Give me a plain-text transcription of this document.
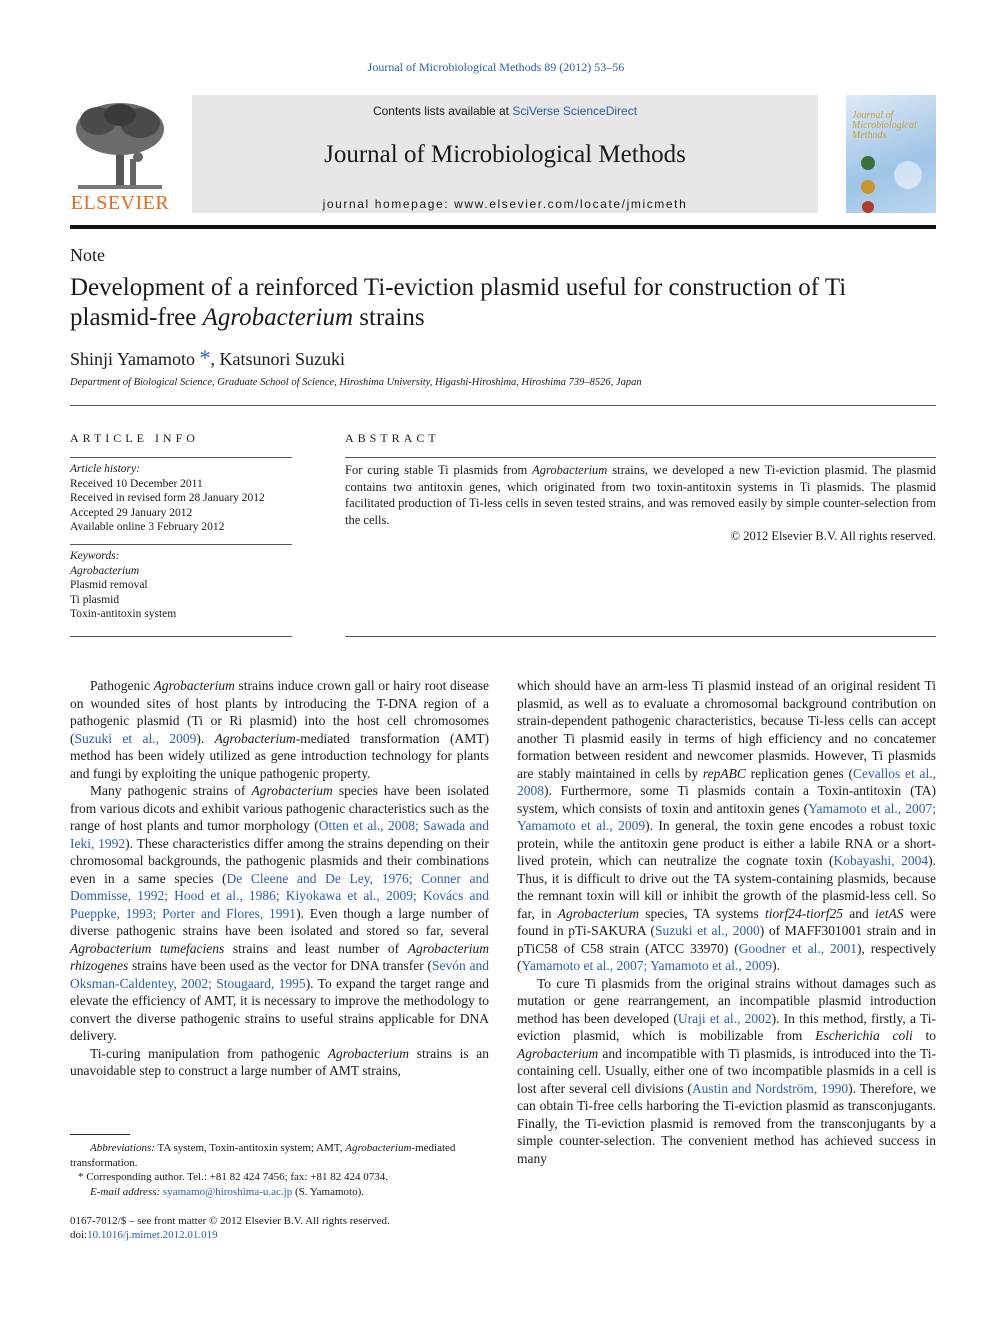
Journal of Microbiological Methods 89 (2012) 53–56
ELSEVIER
Contents lists available at SciVerse ScienceDirect
Journal of Microbiological Methods
journal homepage: www.elsevier.com/locate/jmicmeth
Journal of Microbiological Methods
Note
Development of a reinforced Ti-eviction plasmid useful for construction of Ti
plasmid-free Agrobacterium strains
Shinji Yamamoto *, Katsunori Suzuki
Department of Biological Science, Graduate School of Science, Hiroshima University, Higashi-Hiroshima, Hiroshima 739–8526, Japan
ARTICLE INFO
Article history:
Received 10 December 2011
Received in revised form 28 January 2012
Accepted 29 January 2012
Available online 3 February 2012
Keywords:
Agrobacterium
Plasmid removal
Ti plasmid
Toxin-antitoxin system
ABSTRACT
For curing stable Ti plasmids from Agrobacterium strains, we developed a new Ti-eviction plasmid. The plasmid contains two antitoxin genes, which originated from two toxin-antitoxin systems in Ti plasmids. The plasmid facilitated production of Ti-less cells in seven tested strains, and was removed easily by simple counter-selection from the cells.
© 2012 Elsevier B.V. All rights reserved.

Pathogenic Agrobacterium strains induce crown gall or hairy root disease on wounded sites of host plants by introducing the T-DNA region of a pathogenic plasmid (Ti or Ri plasmid) into the host cell chromosomes (Suzuki et al., 2009). Agrobacterium-mediated transformation (AMT) method has been widely utilized as gene introduction technology for plants and fungi by exploiting the unique pathogenic property.

Many pathogenic strains of Agrobacterium species have been isolated from various dicots and exhibit various pathogenic characteristics such as the range of host plants and tumor morphology (Otten et al., 2008; Sawada and Ieki, 1992). These characteristics differ among the strains depending on their chromosomal backgrounds, the pathogenic plasmids and their combinations even in a same species (De Cleene and De Ley, 1976; Conner and Dommisse, 1992; Hood et al., 1986; Kiyokawa et al., 2009; Kovács and Pueppke, 1993; Porter and Flores, 1991). Even though a large number of diverse pathogenic strains have been isolated and stored so far, several Agrobacterium tumefaciens strains and least number of Agrobacterium rhizogenes strains have been used as the vector for DNA transfer (Sevón and Oksman-Caldentey, 2002; Stougaard, 1995). To expand the target range and elevate the efficiency of AMT, it is necessary to improve the methodology to convert the diverse pathogenic strains to useful strains applicable for DNA delivery.

Ti-curing manipulation from pathogenic Agrobacterium strains is an unavoidable step to construct a large number of AMT strains,

Abbreviations: TA system, Toxin-antitoxin system; AMT, Agrobacterium-mediated transformation.
* Corresponding author. Tel.: +81 82 424 7456; fax: +81 82 424 0734.
E-mail address: syamamo@hiroshima-u.ac.jp (S. Yamamoto).
0167-7012/$ – see front matter © 2012 Elsevier B.V. All rights reserved.
doi:10.1016/j.mimet.2012.01.019

which should have an arm-less Ti plasmid instead of an original resident Ti plasmid, as well as to evaluate a chromosomal background contribution on strain-dependent pathogenic characteristics, because Ti-less cells can accept another Ti plasmid easily in terms of high efficiency and no concatemer formation between resident and newcomer plasmids. However, Ti plasmids are stably maintained in cells by repABC replication genes (Cevallos et al., 2008). Furthermore, some Ti plasmids contain a Toxin-antitoxin (TA) system, which consists of toxin and antitoxin genes (Yamamoto et al., 2007; Yamamoto et al., 2009). In general, the toxin gene encodes a robust toxic protein, while the antitoxin gene product is either a labile RNA or a short-lived protein, which can neutralize the cognate toxin (Kobayashi, 2004). Thus, it is difficult to drive out the TA system-containing plasmids, because the remnant toxin will kill or inhibit the growth of the plasmid-less cell. So far, in Agrobacterium species, TA systems tiorf24-tiorf25 and ietAS were found in pTi-SAKURA (Suzuki et al., 2000) of MAFF301001 strain and in pTiC58 of C58 strain (ATCC 33970) (Goodner et al., 2001), respectively (Yamamoto et al., 2007; Yamamoto et al., 2009).

To cure Ti plasmids from the original strains without damages such as mutation or gene rearrangement, an incompatible plasmid introduction method has been developed (Uraji et al., 2002). In this method, firstly, a Ti-eviction plasmid, which is mobilizable from Escherichia coli to Agrobacterium and incompatible with Ti plasmids, is introduced into the Ti-containing cell. Usually, either one of two incompatible plasmids in a cell is lost after several cell divisions (Austin and Nordström, 1990). Therefore, we can obtain Ti-free cells harboring the Ti-eviction plasmid as transconjugants. Finally, the Ti-eviction plasmid is removed from the transconjugants by a simple counter-selection. The convenient method has achieved success in many
